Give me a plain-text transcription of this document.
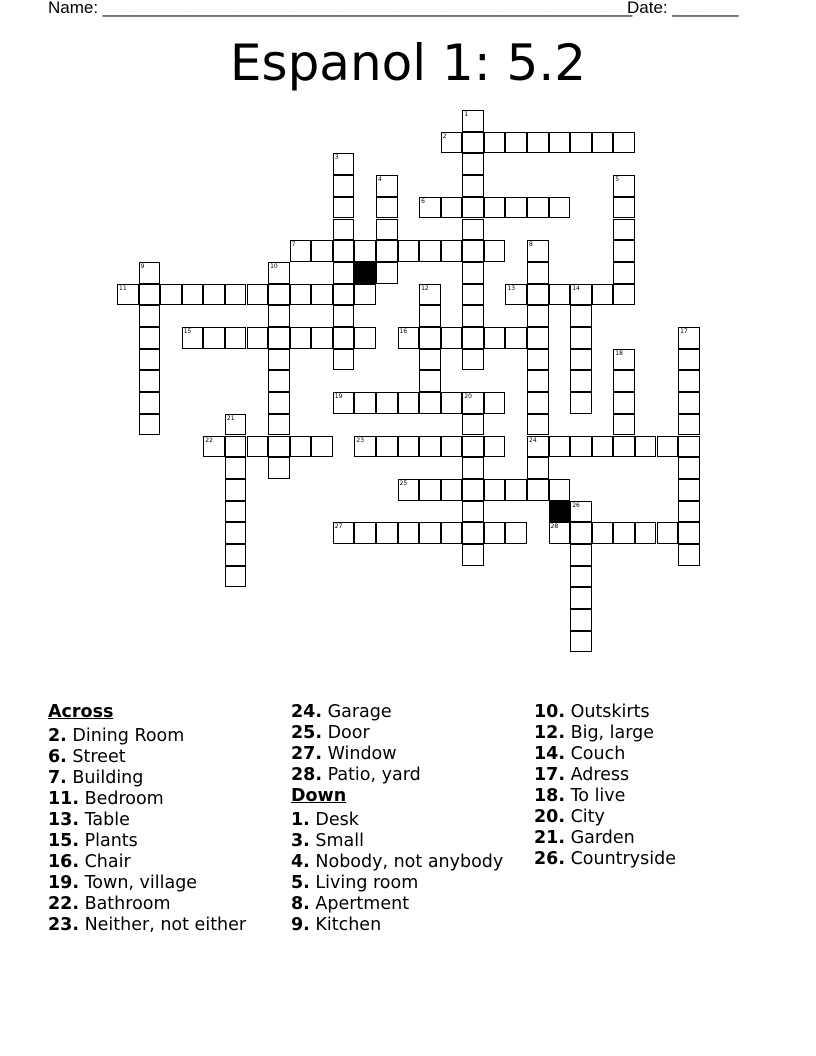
Name: ________________________________________________________
Date: _______
Espanol 1: 5.2
2
6
7
11	13	14
15	16
19	20
22	23	24
25
27	28
1
3
4	5
8
9	10
12
17
18
21
26
Across
2. Dining Room
6. Street
7. Building
11. Bedroom
13. Table
15. Plants
16. Chair
19. Town, village
22. Bathroom
23. Neither, not either
24. Garage
25. Door
27. Window
28. Patio, yard
Down
1. Desk
3. Small
4. Nobody, not anybody
5. Living room
8. Apertment
9. Kitchen
10. Outskirts
12. Big, large
14. Couch
17. Adress
18. To live
20. City
21. Garden
26. Countryside
